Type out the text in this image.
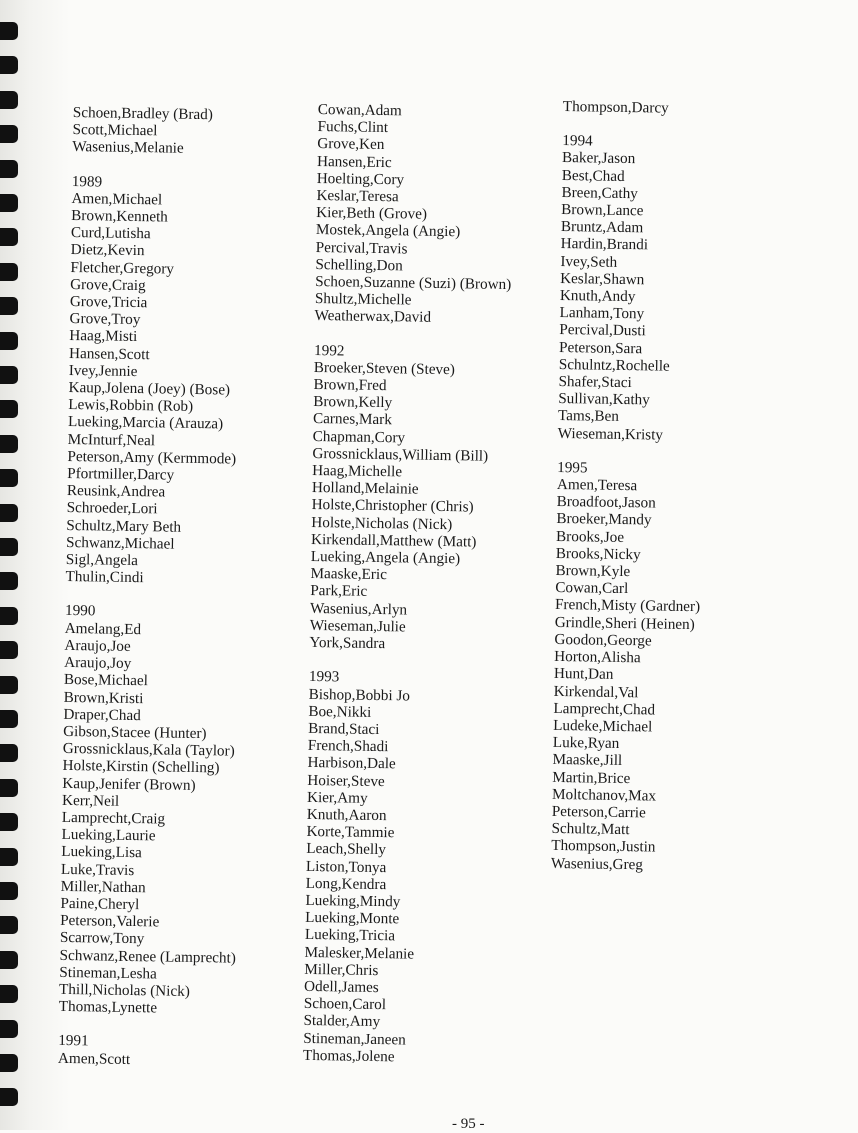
Schoen,Bradley (Brad)
Scott,Michael
Wasenius,Melanie
1989
Amen,Michael
Brown,Kenneth
Curd,Lutisha
Dietz,Kevin
Fletcher,Gregory
Grove,Craig
Grove,Tricia
Grove,Troy
Haag,Misti
Hansen,Scott
Ivey,Jennie
Kaup,Jolena (Joey) (Bose)
Lewis,Robbin (Rob)
Lueking,Marcia (Arauza)
McInturf,Neal
Peterson,Amy (Kermmode)
Pfortmiller,Darcy
Reusink,Andrea
Schroeder,Lori
Schultz,Mary Beth
Schwanz,Michael
Sigl,Angela
Thulin,Cindi
1990
Amelang,Ed
Araujo,Joe
Araujo,Joy
Bose,Michael
Brown,Kristi
Draper,Chad
Gibson,Stacee (Hunter)
Grossnicklaus,Kala (Taylor)
Holste,Kirstin (Schelling)
Kaup,Jenifer (Brown)
Kerr,Neil
Lamprecht,Craig
Lueking,Laurie
Lueking,Lisa
Luke,Travis
Miller,Nathan
Paine,Cheryl
Peterson,Valerie
Scarrow,Tony
Schwanz,Renee (Lamprecht)
Stineman,Lesha
Thill,Nicholas (Nick)
Thomas,Lynette
1991
Amen,Scott
Cowan,Adam
Fuchs,Clint
Grove,Ken
Hansen,Eric
Hoelting,Cory
Keslar,Teresa
Kier,Beth (Grove)
Mostek,Angela (Angie)
Percival,Travis
Schelling,Don
Schoen,Suzanne (Suzi) (Brown)
Shultz,Michelle
Weatherwax,David
1992
Broeker,Steven (Steve)
Brown,Fred
Brown,Kelly
Carnes,Mark
Chapman,Cory
Grossnicklaus,William (Bill)
Haag,Michelle
Holland,Melainie
Holste,Christopher (Chris)
Holste,Nicholas (Nick)
Kirkendall,Matthew (Matt)
Lueking,Angela (Angie)
Maaske,Eric
Park,Eric
Wasenius,Arlyn
Wieseman,Julie
York,Sandra
1993
Bishop,Bobbi Jo
Boe,Nikki
Brand,Staci
French,Shadi
Harbison,Dale
Hoiser,Steve
Kier,Amy
Knuth,Aaron
Korte,Tammie
Leach,Shelly
Liston,Tonya
Long,Kendra
Lueking,Mindy
Lueking,Monte
Lueking,Tricia
Malesker,Melanie
Miller,Chris
Odell,James
Schoen,Carol
Stalder,Amy
Stineman,Janeen
Thomas,Jolene
Thompson,Darcy
1994
Baker,Jason
Best,Chad
Breen,Cathy
Brown,Lance
Bruntz,Adam
Hardin,Brandi
Ivey,Seth
Keslar,Shawn
Knuth,Andy
Lanham,Tony
Percival,Dusti
Peterson,Sara
Schulntz,Rochelle
Shafer,Staci
Sullivan,Kathy
Tams,Ben
Wieseman,Kristy
1995
Amen,Teresa
Broadfoot,Jason
Broeker,Mandy
Brooks,Joe
Brooks,Nicky
Brown,Kyle
Cowan,Carl
French,Misty (Gardner)
Grindle,Sheri (Heinen)
Goodon,George
Horton,Alisha
Hunt,Dan
Kirkendal,Val
Lamprecht,Chad
Ludeke,Michael
Luke,Ryan
Maaske,Jill
Martin,Brice
Moltchanov,Max
Peterson,Carrie
Schultz,Matt
Thompson,Justin
Wasenius,Greg
- 95 -
